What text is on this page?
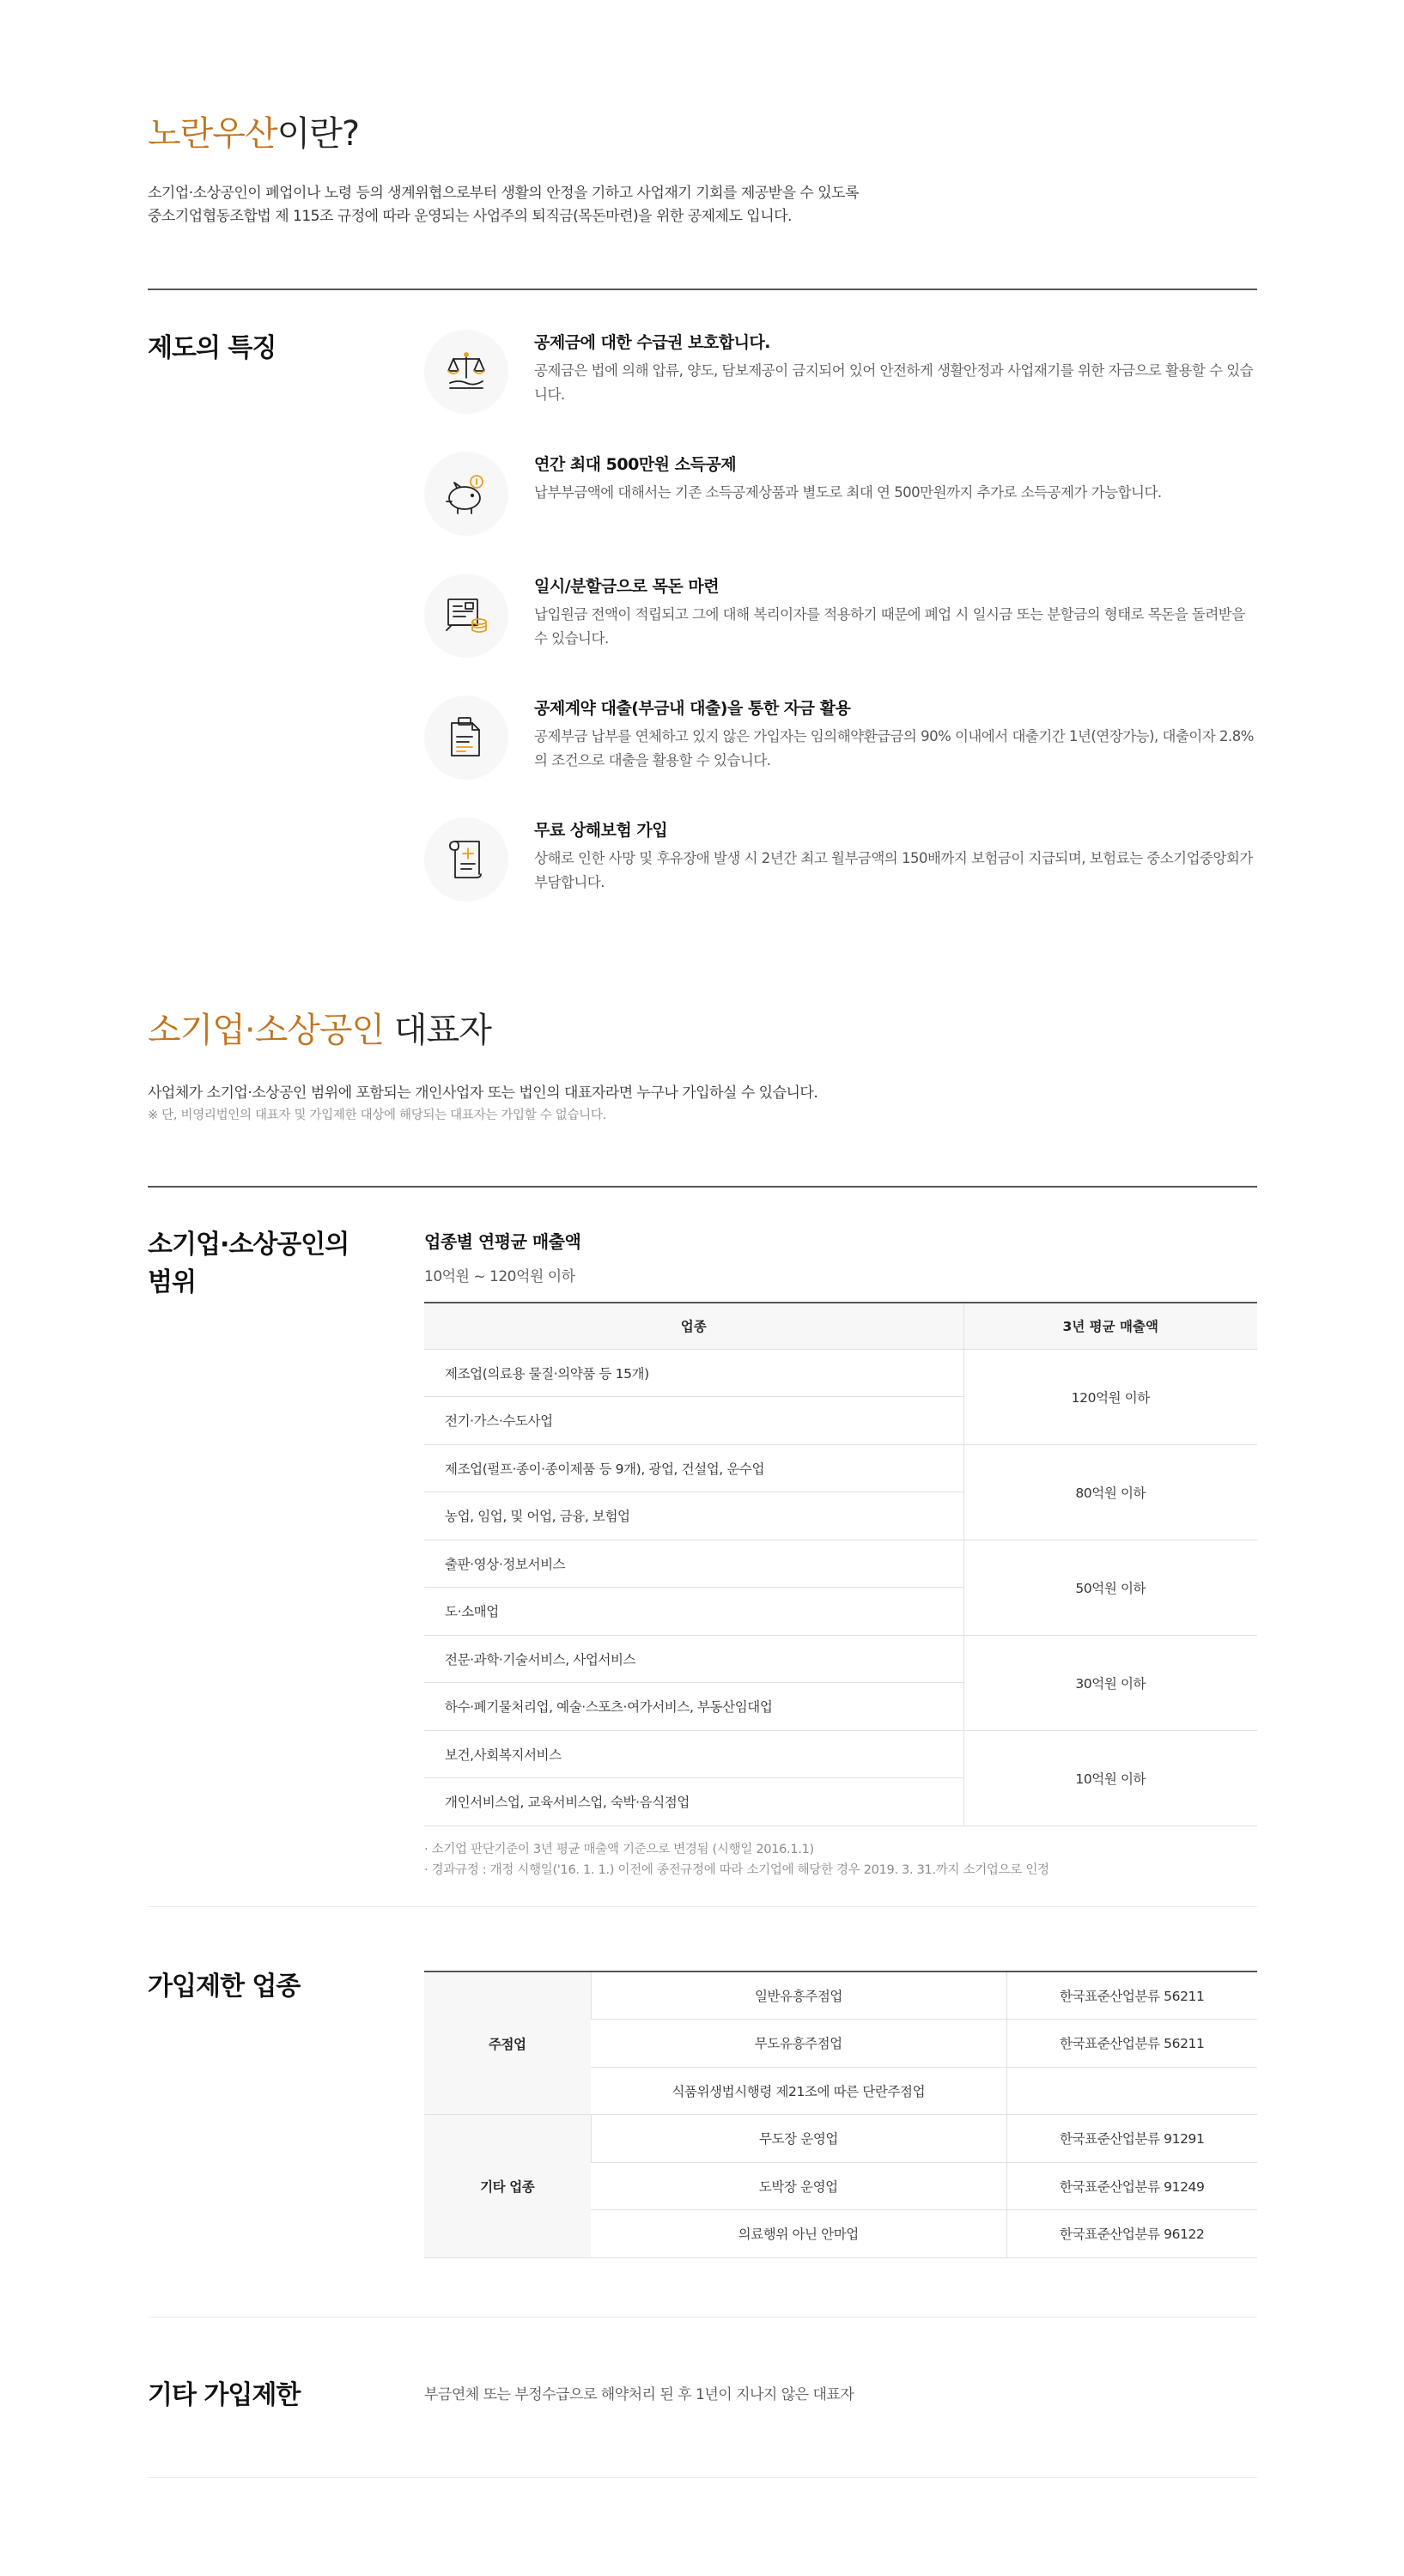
노란우산이란?
소기업·소상공인이 폐업이나 노령 등의 생계위협으로부터 생활의 안정을 기하고 사업재기 기회를 제공받을 수 있도록
중소기업협동조합법 제 115조 규정에 따라 운영되는 사업주의 퇴직금(목돈마련)을 위한 공제제도 입니다.
제도의 특징	공제금에 대한 수급권 보호합니다.
공제금은 법에 의해 압류, 양도, 담보제공이 금지되어 있어 안전하게 생활안정과 사업재기를 위한 자금으로 활용할 수 있습니다.
연간 최대 500만원 소득공제
납부부금액에 대해서는 기존 소득공제상품과 별도로 최대 연 500만원까지 추가로 소득공제가 가능합니다.
일시/분할금으로 목돈 마련
납입원금 전액이 적립되고 그에 대해 복리이자를 적용하기 때문에 폐업 시 일시금 또는 분할금의 형태로 목돈을 돌려받을 수 있습니다.
공제계약 대출(부금내 대출)을 통한 자금 활용
공제부금 납부를 연체하고 있지 않은 가입자는 임의해약환급금의 90% 이내에서 대출기간 1년(연장가능), 대출이자 2.8%의 조건으로 대출을 활용할 수 있습니다.
무료 상해보험 가입
상해로 인한 사망 및 후유장애 발생 시 2년간 최고 월부금액의 150배까지 보험금이 지급되며, 보험료는 중소기업중앙회가 부담합니다.
소기업·소상공인 대표자
사업체가 소기업·소상공인 범위에 포함되는 개인사업자 또는 법인의 대표자라면 누구나 가입하실 수 있습니다.
※ 단, 비영리법인의 대표자 및 가입제한 대상에 해당되는 대표자는 가입할 수 없습니다.
소기업·소상공인의
범위
업종별 연평균 매출액
10억원 ~ 120억원 이하
업종	3년 평균 매출액
제조업(의료용 물질·의약품 등 15개)	120억원 이하
전기·가스·수도사업	
제조업(펄프·종이·종이제품 등 9개), 광업, 건설업, 운수업	80억원 이하
농업, 임업, 및 어업, 금융, 보험업	
출판·영상·정보서비스	50억원 이하
도·소매업	
전문·과학·기술서비스, 사업서비스	30억원 이하
하수·폐기물처리업, 예술·스포츠·여가서비스, 부동산임대업	
보건,사회복지서비스	10억원 이하
개인서비스업, 교육서비스업, 숙박·음식점업	
· 소기업 판단기준이 3년 평균 매출액 기준으로 변경됨 (시행일 2016.1.1)
· 경과규정 : 개정 시행일('16. 1. 1.) 이전에 종전규정에 따라 소기업에 해당한 경우 2019. 3. 31.까지 소기업으로 인정
가입제한 업종
주점업	일반유흥주점업	한국표준산업분류 56211
	무도유흥주점업	한국표준산업분류 56211
	식품위생법시행령 제21조에 따른 단란주점업	
기타 업종	무도장 운영업	한국표준산업분류 91291
	도박장 운영업	한국표준산업분류 91249
	의료행위 아닌 안마업	한국표준산업분류 96122
기타 가입제한	부금연체 또는 부정수급으로 해약처리 된 후 1년이 지나지 않은 대표자
